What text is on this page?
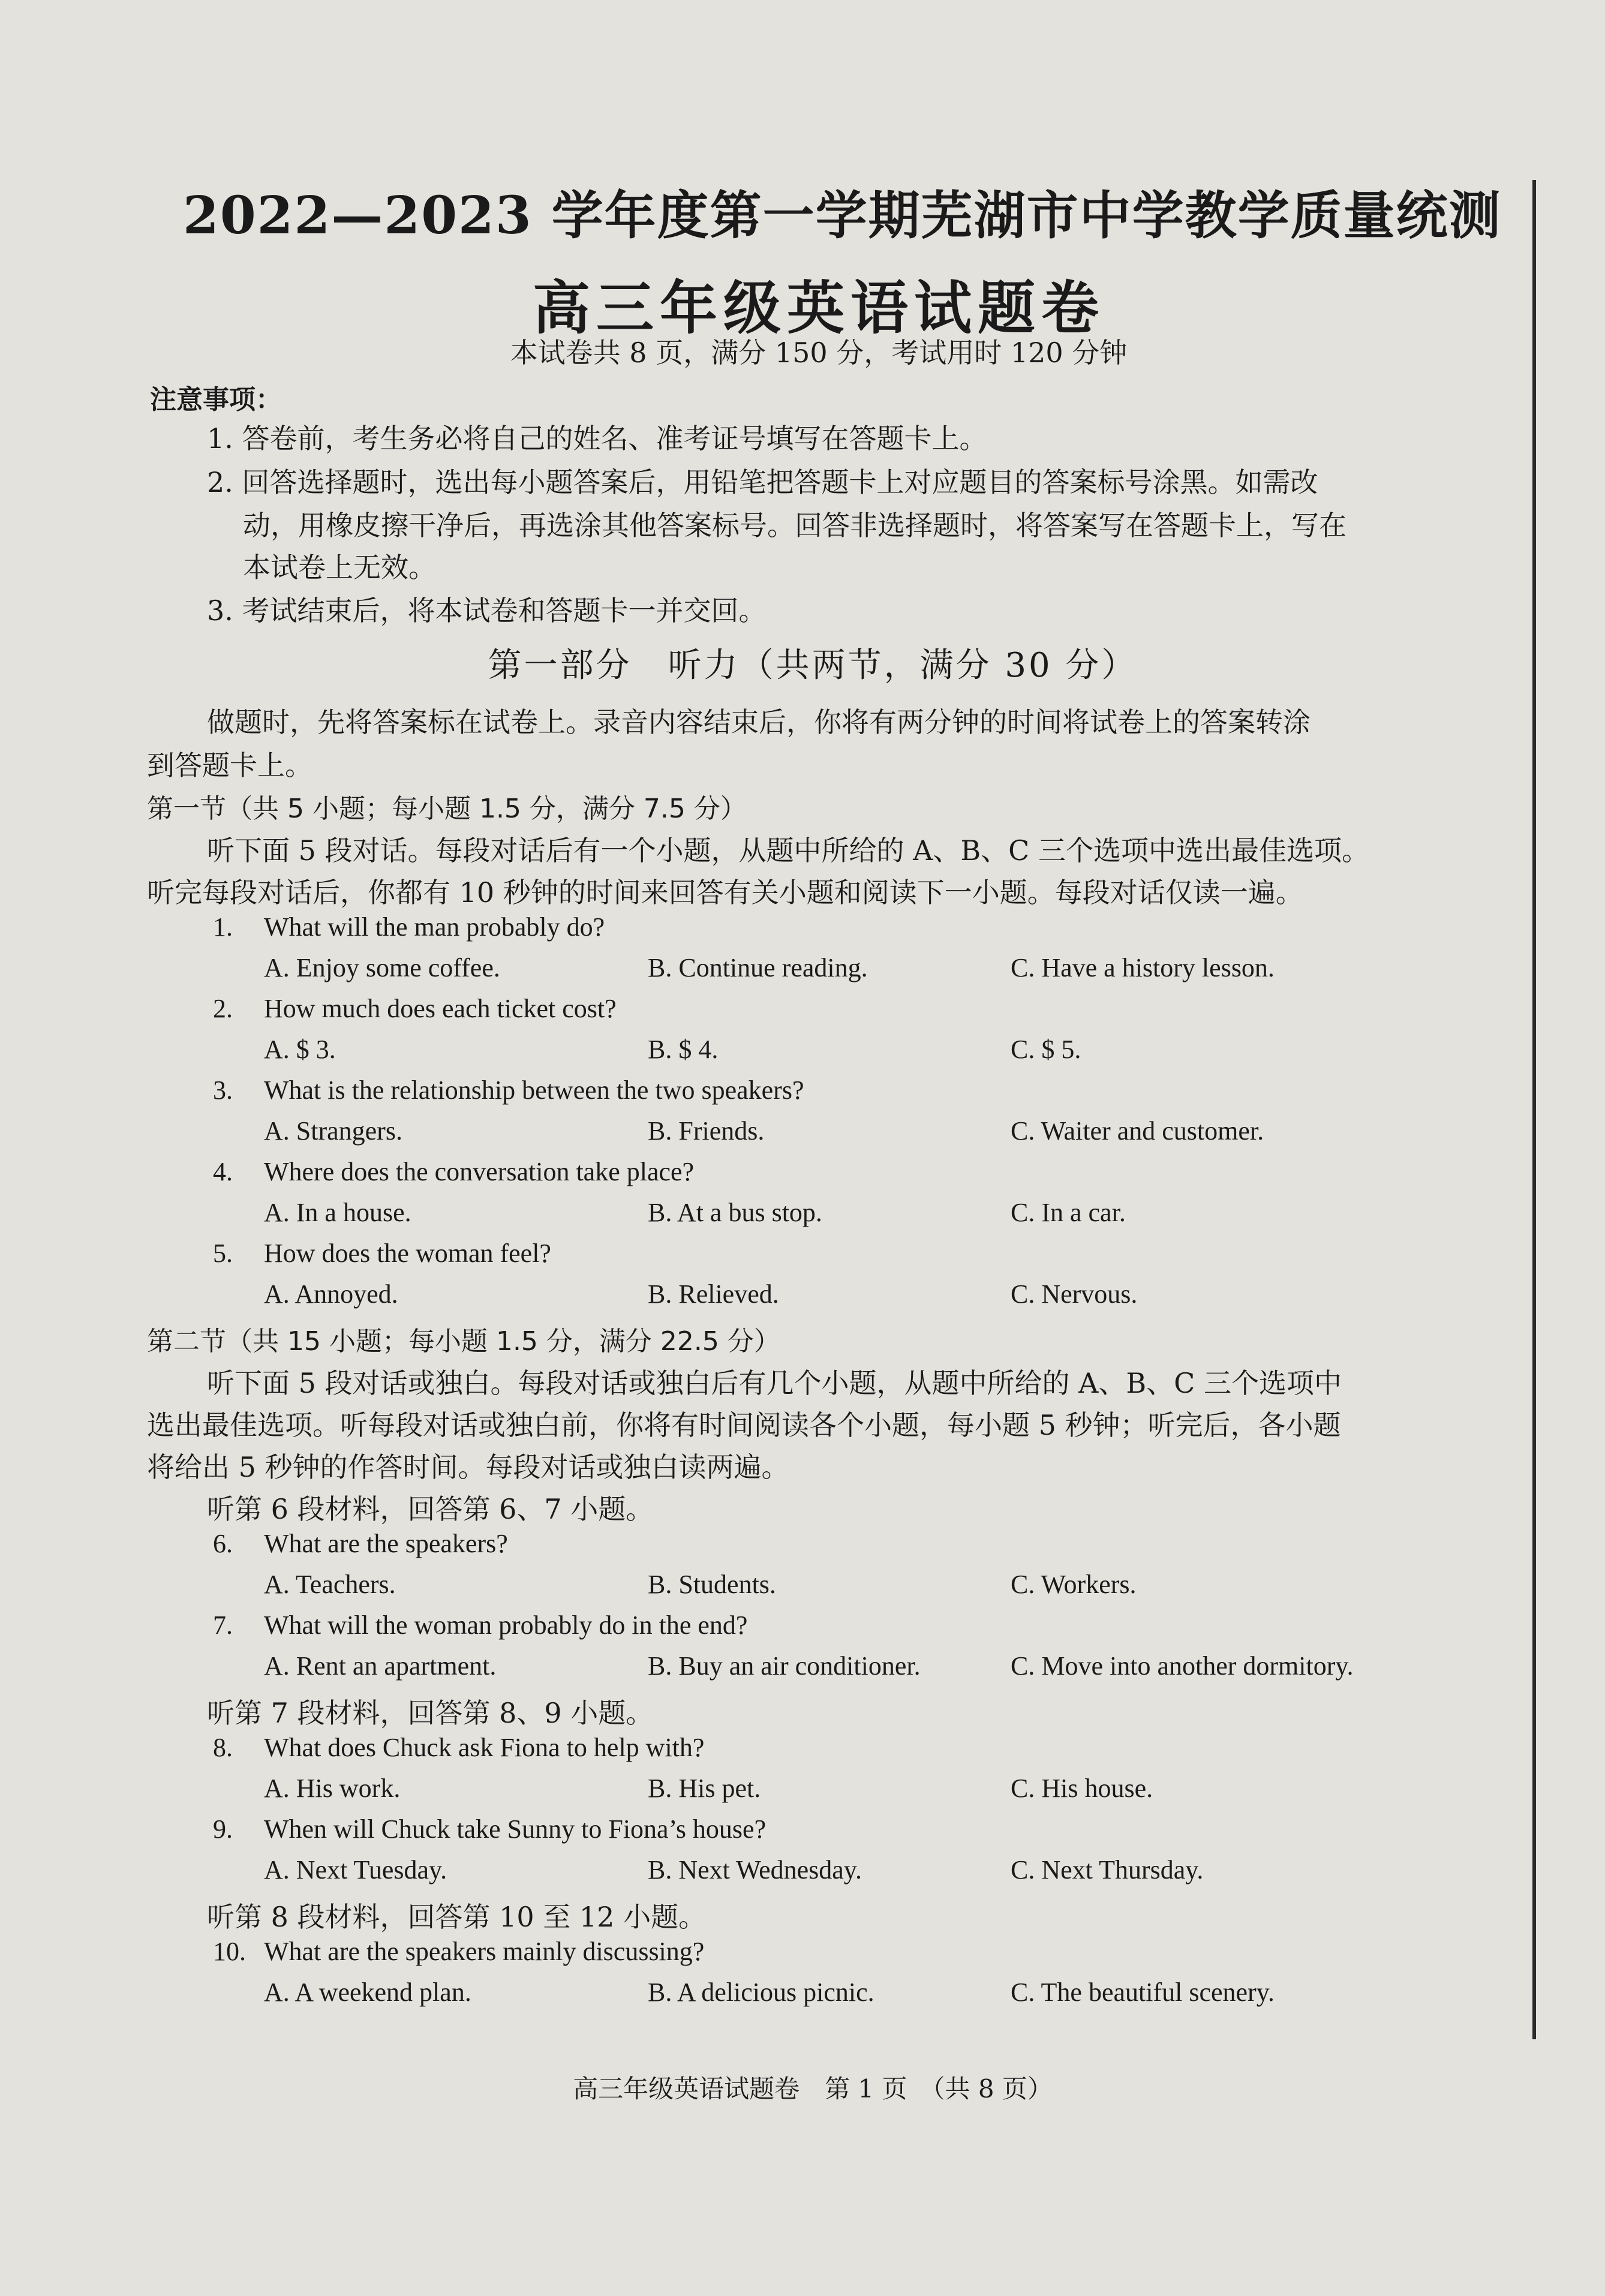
2022—2023 学年度第一学期芜湖市中学教学质量统测
高三年级英语试题卷
本试卷共 8 页，满分 150 分，考试用时 120 分钟
注意事项：
1. 答卷前，考生务必将自己的姓名、准考证号填写在答题卡上。
2. 回答选择题时，选出每小题答案后，用铅笔把答题卡上对应题目的答案标号涂黑。如需改
动，用橡皮擦干净后，再选涂其他答案标号。回答非选择题时，将答案写在答题卡上，写在
本试卷上无效。
3. 考试结束后，将本试卷和答题卡一并交回。
第一部分　听力（共两节，满分 30 分）
做题时，先将答案标在试卷上。录音内容结束后，你将有两分钟的时间将试卷上的答案转涂
到答题卡上。
第一节（共 5 小题；每小题 1.5 分，满分 7.5 分）
听下面 5 段对话。每段对话后有一个小题，从题中所给的 A、B、C 三个选项中选出最佳选项。
听完每段对话后，你都有 10 秒钟的时间来回答有关小题和阅读下一小题。每段对话仅读一遍。
1. What will the man probably do?
A. Enjoy some coffee.	B. Continue reading.	C. Have a history lesson.
2. How much does each ticket cost?
A. $ 3.	B. $ 4.	C. $ 5.
3. What is the relationship between the two speakers?
A. Strangers.	B. Friends.	C. Waiter and customer.
4. Where does the conversation take place?
A. In a house.	B. At a bus stop.	C. In a car.
5. How does the woman feel?
A. Annoyed.	B. Relieved.	C. Nervous.
第二节（共 15 小题；每小题 1.5 分，满分 22.5 分）
听下面 5 段对话或独白。每段对话或独白后有几个小题，从题中所给的 A、B、C 三个选项中
选出最佳选项。听每段对话或独白前，你将有时间阅读各个小题，每小题 5 秒钟；听完后，各小题
将给出 5 秒钟的作答时间。每段对话或独白读两遍。
听第 6 段材料，回答第 6、7 小题。
6. What are the speakers?
A. Teachers.	B. Students.	C. Workers.
7. What will the woman probably do in the end?
A. Rent an apartment.	B. Buy an air conditioner.	C. Move into another dormitory.
听第 7 段材料，回答第 8、9 小题。
8. What does Chuck ask Fiona to help with?
A. His work.	B. His pet.	C. His house.
9. When will Chuck take Sunny to Fiona’s house?
A. Next Tuesday.	B. Next Wednesday.	C. Next Thursday.
听第 8 段材料，回答第 10 至 12 小题。
10. What are the speakers mainly discussing?
A. A weekend plan.	B. A delicious picnic.	C. The beautiful scenery.
高三年级英语试题卷　第 1 页　（共 8 页）
